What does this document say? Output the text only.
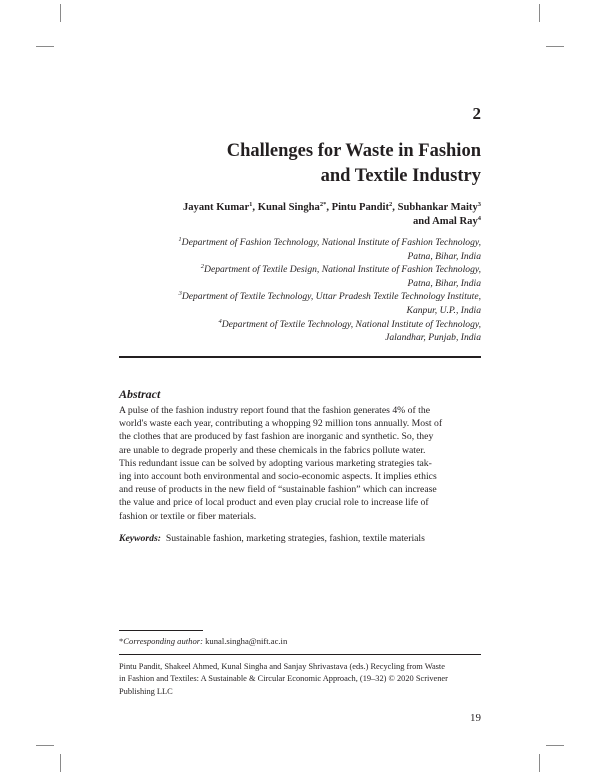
2
Challenges for Waste in Fashion
and Textile Industry
Jayant Kumar$^1$, Kunal Singha$^{2*}$, Pintu Pandit$^2$, Subhankar Maity$^3$
and Amal Ray$^4$
$^1$Department of Fashion Technology, National Institute of Fashion Technology,
Patna, Bihar, India
$^2$Department of Textile Design, National Institute of Fashion Technology,
Patna, Bihar, India
$^3$Department of Textile Technology, Uttar Pradesh Textile Technology Institute,
Kanpur, U.P., India
$^4$Department of Textile Technology, National Institute of Technology,
Jalandhar, Punjab, India
Abstract
A pulse of the fashion industry report found that the fashion generates 4% of the
world's waste each year, contributing a whopping 92 million tons annually. Most of
the clothes that are produced by fast fashion are inorganic and synthetic. So, they
are unable to degrade properly and these chemicals in the fabrics pollute water.
This redundant issue can be solved by adopting various marketing strategies tak-
ing into account both environmental and socio-economic aspects. It implies ethics
and reuse of products in the new field of “sustainable fashion” which can increase
the value and price of local product and even play crucial role to increase life of
fashion or textile or fiber materials.
Keywords: Sustainable fashion, marketing strategies, fashion, textile materials
*Corresponding author: kunal.singha@nift.ac.in
Pintu Pandit, Shakeel Ahmed, Kunal Singha and Sanjay Shrivastava (eds.) Recycling from Waste
in Fashion and Textiles: A Sustainable & Circular Economic Approach, (19–32) © 2020 Scrivener
Publishing LLC
19
